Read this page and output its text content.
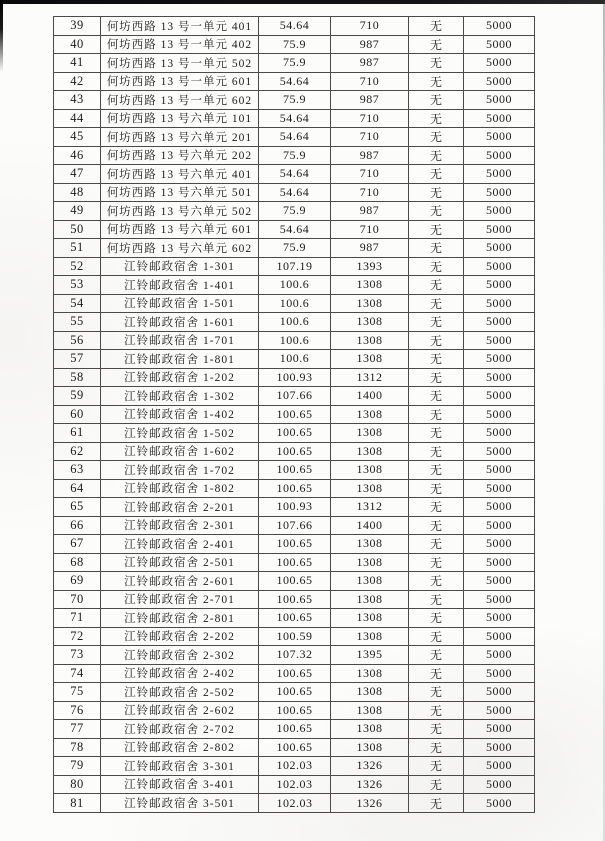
39	何坊西路 13 号一单元 401	54.64	710	无	5000
40	何坊西路 13 号一单元 402	75.9	987	无	5000
41	何坊西路 13 号一单元 502	75.9	987	无	5000
42	何坊西路 13 号一单元 601	54.64	710	无	5000
43	何坊西路 13 号一单元 602	75.9	987	无	5000
44	何坊西路 13 号六单元 101	54.64	710	无	5000
45	何坊西路 13 号六单元 201	54.64	710	无	5000
46	何坊西路 13 号六单元 202	75.9	987	无	5000
47	何坊西路 13 号六单元 401	54.64	710	无	5000
48	何坊西路 13 号六单元 501	54.64	710	无	5000
49	何坊西路 13 号六单元 502	75.9	987	无	5000
50	何坊西路 13 号六单元 601	54.64	710	无	5000
51	何坊西路 13 号六单元 602	75.9	987	无	5000
52	江铃邮政宿舍 1-301	107.19	1393	无	5000
53	江铃邮政宿舍 1-401	100.6	1308	无	5000
54	江铃邮政宿舍 1-501	100.6	1308	无	5000
55	江铃邮政宿舍 1-601	100.6	1308	无	5000
56	江铃邮政宿舍 1-701	100.6	1308	无	5000
57	江铃邮政宿舍 1-801	100.6	1308	无	5000
58	江铃邮政宿舍 1-202	100.93	1312	无	5000
59	江铃邮政宿舍 1-302	107.66	1400	无	5000
60	江铃邮政宿舍 1-402	100.65	1308	无	5000
61	江铃邮政宿舍 1-502	100.65	1308	无	5000
62	江铃邮政宿舍 1-602	100.65	1308	无	5000
63	江铃邮政宿舍 1-702	100.65	1308	无	5000
64	江铃邮政宿舍 1-802	100.65	1308	无	5000
65	江铃邮政宿舍 2-201	100.93	1312	无	5000
66	江铃邮政宿舍 2-301	107.66	1400	无	5000
67	江铃邮政宿舍 2-401	100.65	1308	无	5000
68	江铃邮政宿舍 2-501	100.65	1308	无	5000
69	江铃邮政宿舍 2-601	100.65	1308	无	5000
70	江铃邮政宿舍 2-701	100.65	1308	无	5000
71	江铃邮政宿舍 2-801	100.65	1308	无	5000
72	江铃邮政宿舍 2-202	100.59	1308	无	5000
73	江铃邮政宿舍 2-302	107.32	1395	无	5000
74	江铃邮政宿舍 2-402	100.65	1308	无	5000
75	江铃邮政宿舍 2-502	100.65	1308	无	5000
76	江铃邮政宿舍 2-602	100.65	1308	无	5000
77	江铃邮政宿舍 2-702	100.65	1308	无	5000
78	江铃邮政宿舍 2-802	100.65	1308	无	5000
79	江铃邮政宿舍 3-301	102.03	1326	无	5000
80	江铃邮政宿舍 3-401	102.03	1326	无	5000
81	江铃邮政宿舍 3-501	102.03	1326	无	5000
